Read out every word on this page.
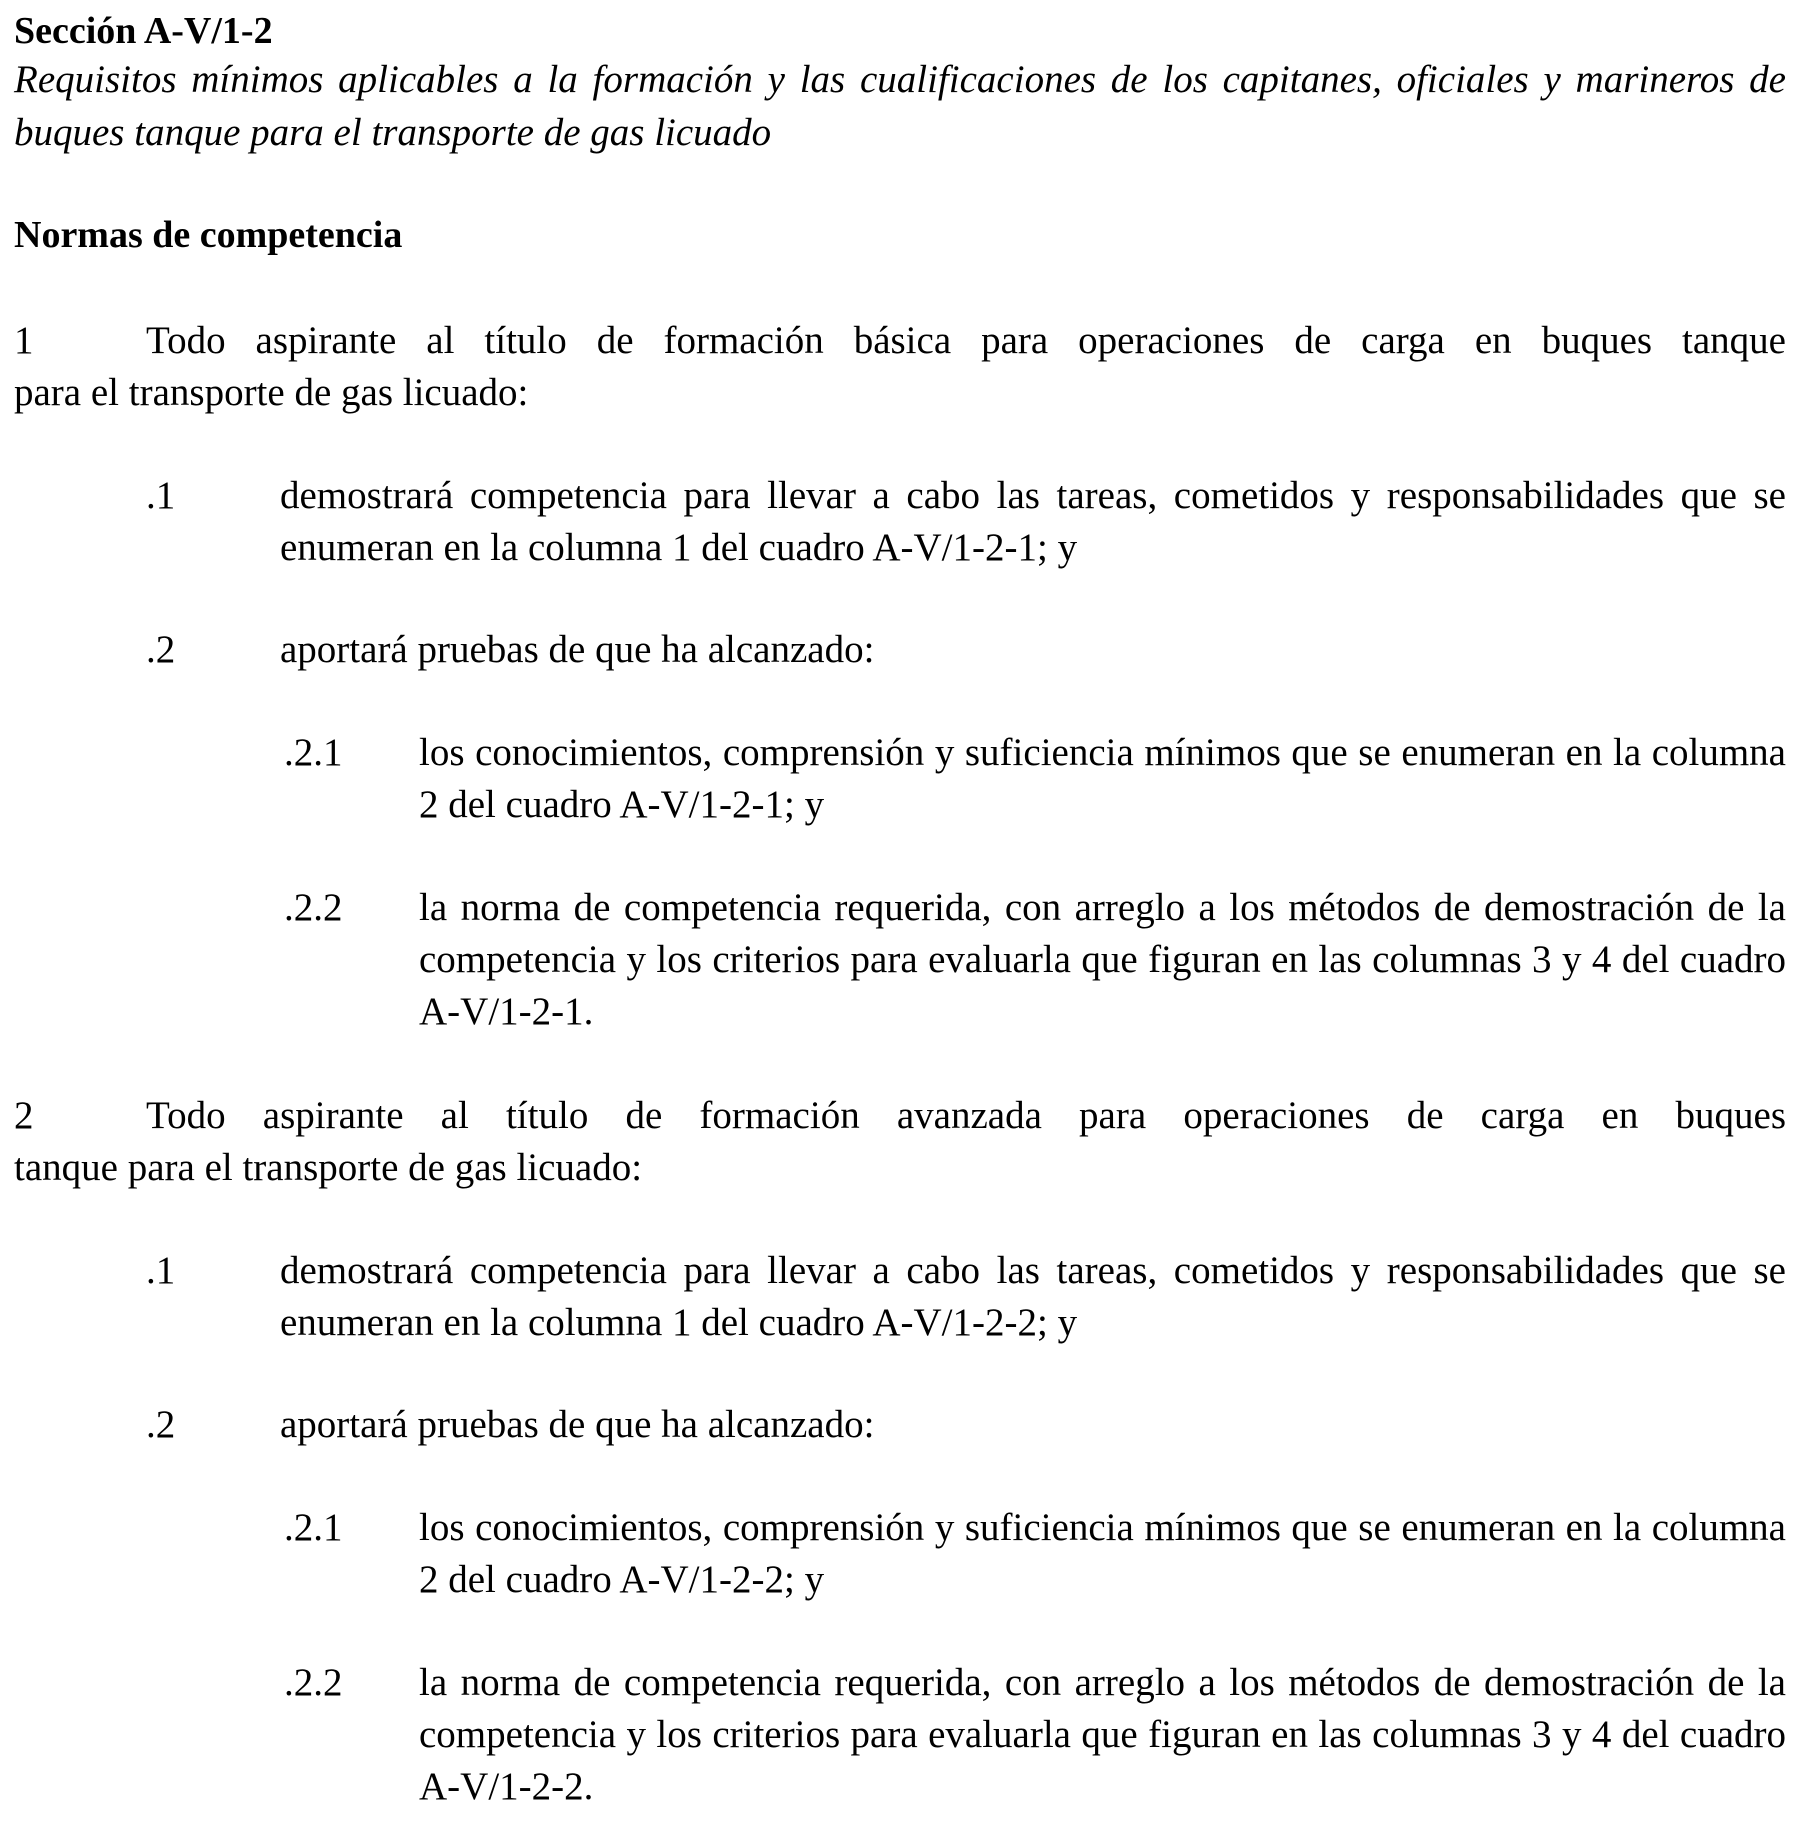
Sección A-V/1-2

Requisitos mínimos aplicables a la formación y las cualificaciones de los capitanes, oficiales y marineros de buques tanque para el transporte de gas licuado

Normas de competencia
1	Todo aspirante al título de formación básica para operaciones de carga en buques tanque
para el transporte de gas licuado:
.1	demostrará competencia para llevar a cabo las tareas, cometidos y responsabilidades que se enumeran en la columna 1 del cuadro A-V/1-2-1; y
.2	aportará pruebas de que ha alcanzado:
.2.1 los conocimientos, comprensión y suficiencia mínimos que se enumeran en la columna 2 del cuadro A-V/1-2-1; y
.2.2 la norma de competencia requerida, con arreglo a los métodos de demostración de la competencia y los criterios para evaluarla que figuran en las columnas 3 y 4 del cuadro A-V/1-2-1.
2	Todo aspirante al título de formación avanzada para operaciones de carga en buques
tanque para el transporte de gas licuado:
.1	demostrará competencia para llevar a cabo las tareas, cometidos y responsabilidades que se enumeran en la columna 1 del cuadro A-V/1-2-2; y
.2	aportará pruebas de que ha alcanzado:
.2.1 los conocimientos, comprensión y suficiencia mínimos que se enumeran en la columna 2 del cuadro A-V/1-2-2; y
.2.2 la norma de competencia requerida, con arreglo a los métodos de demostración de la competencia y los criterios para evaluarla que figuran en las columnas 3 y 4 del cuadro A-V/1-2-2.
